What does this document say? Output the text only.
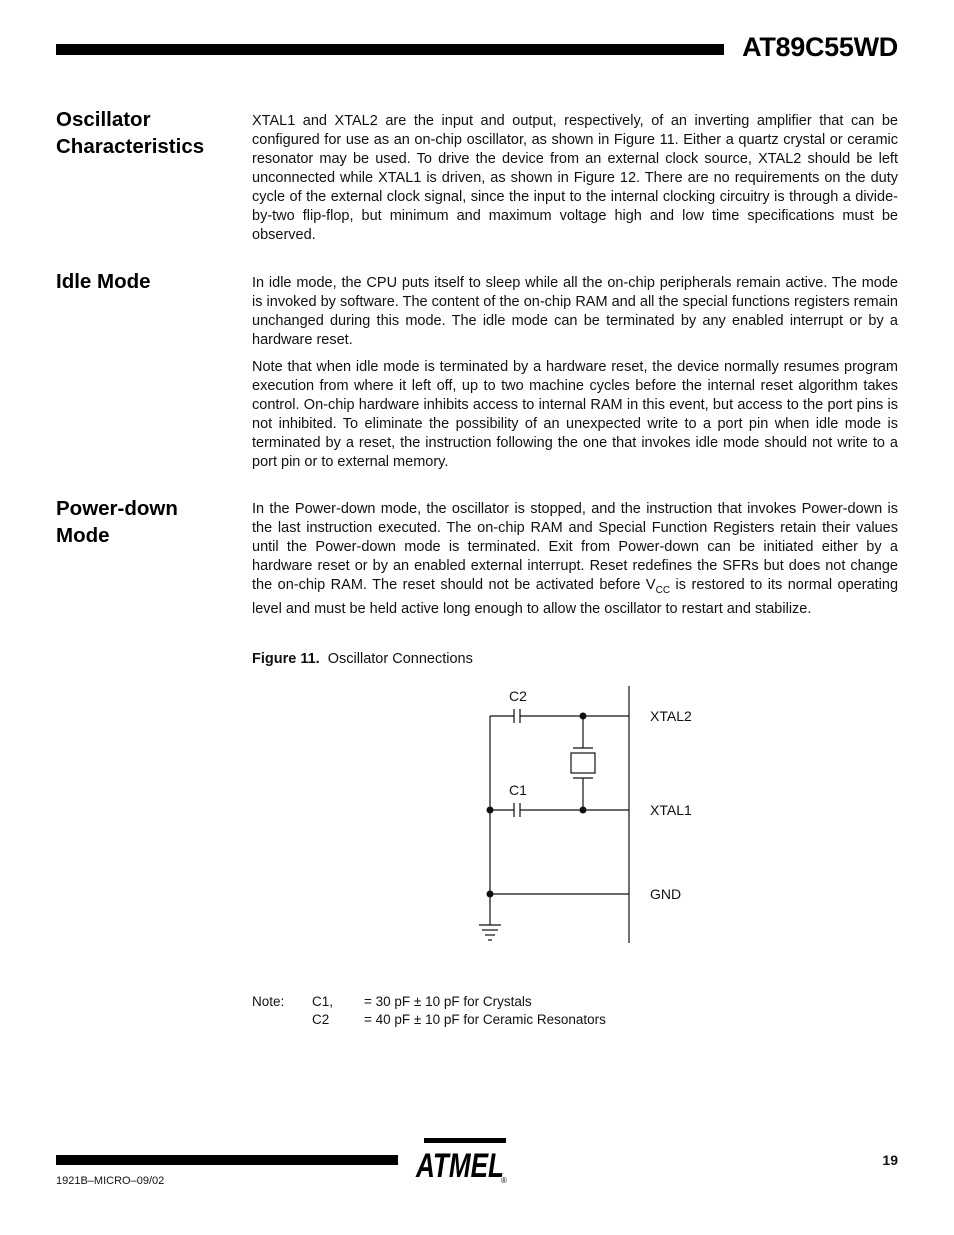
AT89C55WD
Oscillator Characteristics

XTAL1 and XTAL2 are the input and output, respectively, of an inverting amplifier that can be configured for use as an on-chip oscillator, as shown in Figure 11. Either a quartz crystal or ceramic resonator may be used. To drive the device from an external clock source, XTAL2 should be left unconnected while XTAL1 is driven, as shown in Figure 12. There are no requirements on the duty cycle of the external clock signal, since the input to the internal clocking circuitry is through a divide-by-two flip-flop, but minimum and maximum voltage high and low time specifications must be observed.

Idle Mode	In idle mode, the CPU puts itself to sleep while all the on-chip peripherals remain active. The mode is invoked by software. The content of the on-chip RAM and all the special functions registers remain unchanged during this mode. The idle mode can be terminated by any enabled interrupt or by a hardware reset.

Note that when idle mode is terminated by a hardware reset, the device normally resumes program execution from where it left off, up to two machine cycles before the internal reset algorithm takes control. On-chip hardware inhibits access to internal RAM in this event, but access to the port pins is not inhibited. To eliminate the possibility of an unexpected write to a port pin when idle mode is terminated by a reset, the instruction following the one that invokes idle mode should not write to a port pin or to external memory.

Power-down Mode

In the Power-down mode, the oscillator is stopped, and the instruction that invokes Power-down is the last instruction executed. The on-chip RAM and Special Function Registers retain their values until the Power-down mode is terminated. Exit from Power-down can be initiated either by a hardware reset or by an enabled external interrupt. Reset redefines the SFRs but does not change the on-chip RAM. The reset should not be activated before $V_{CC}$ is restored to its normal operating level and must be held active long enough to allow the oscillator to restart and stabilize.

Figure 11. Oscillator Connections
C2
C1
XTAL2
XTAL1
GND
Note: C1, C2
= 30 pF ± 10 pF for Crystals
= 40 pF ± 10 pF for Ceramic Resonators
1921B–MICRO–09/02
19
ATMEL
®
